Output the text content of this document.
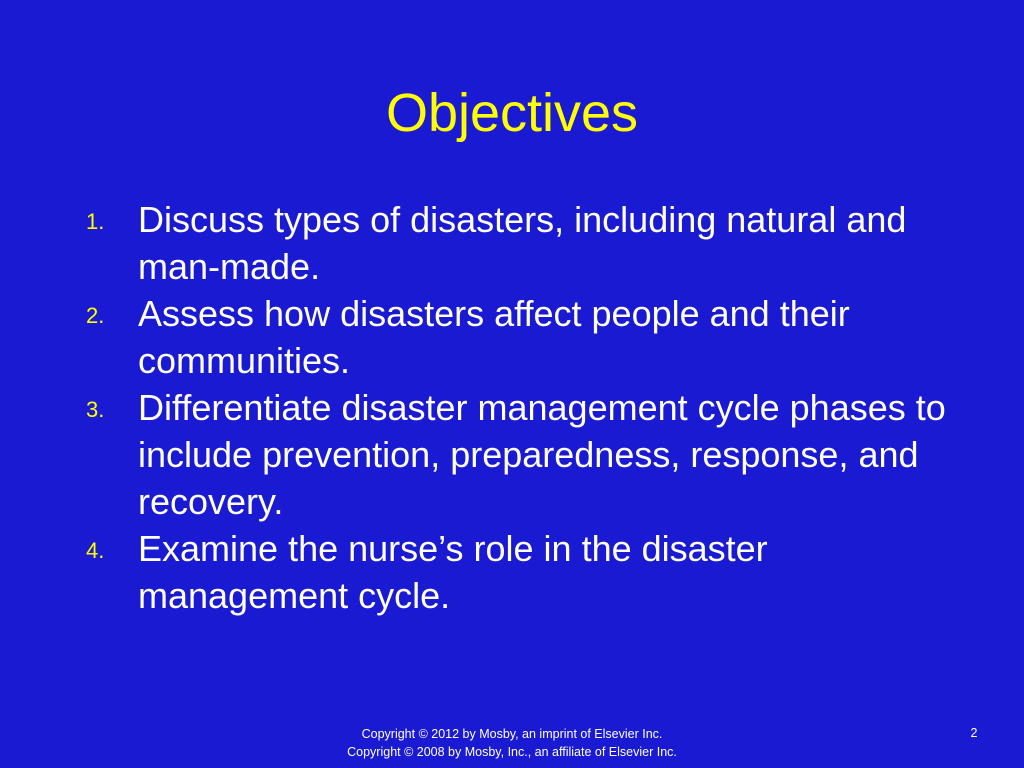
Objectives
1. Discuss types of disasters, including natural and man-made.
2. Assess how disasters affect people and their communities.
3. Differentiate disaster management cycle phases to include prevention, preparedness, response, and recovery.
4. Examine the nurse’s role in the disaster management cycle.
Copyright © 2012 by Mosby, an imprint of Elsevier Inc.
Copyright © 2008 by Mosby, Inc., an affiliate of Elsevier Inc.
2
